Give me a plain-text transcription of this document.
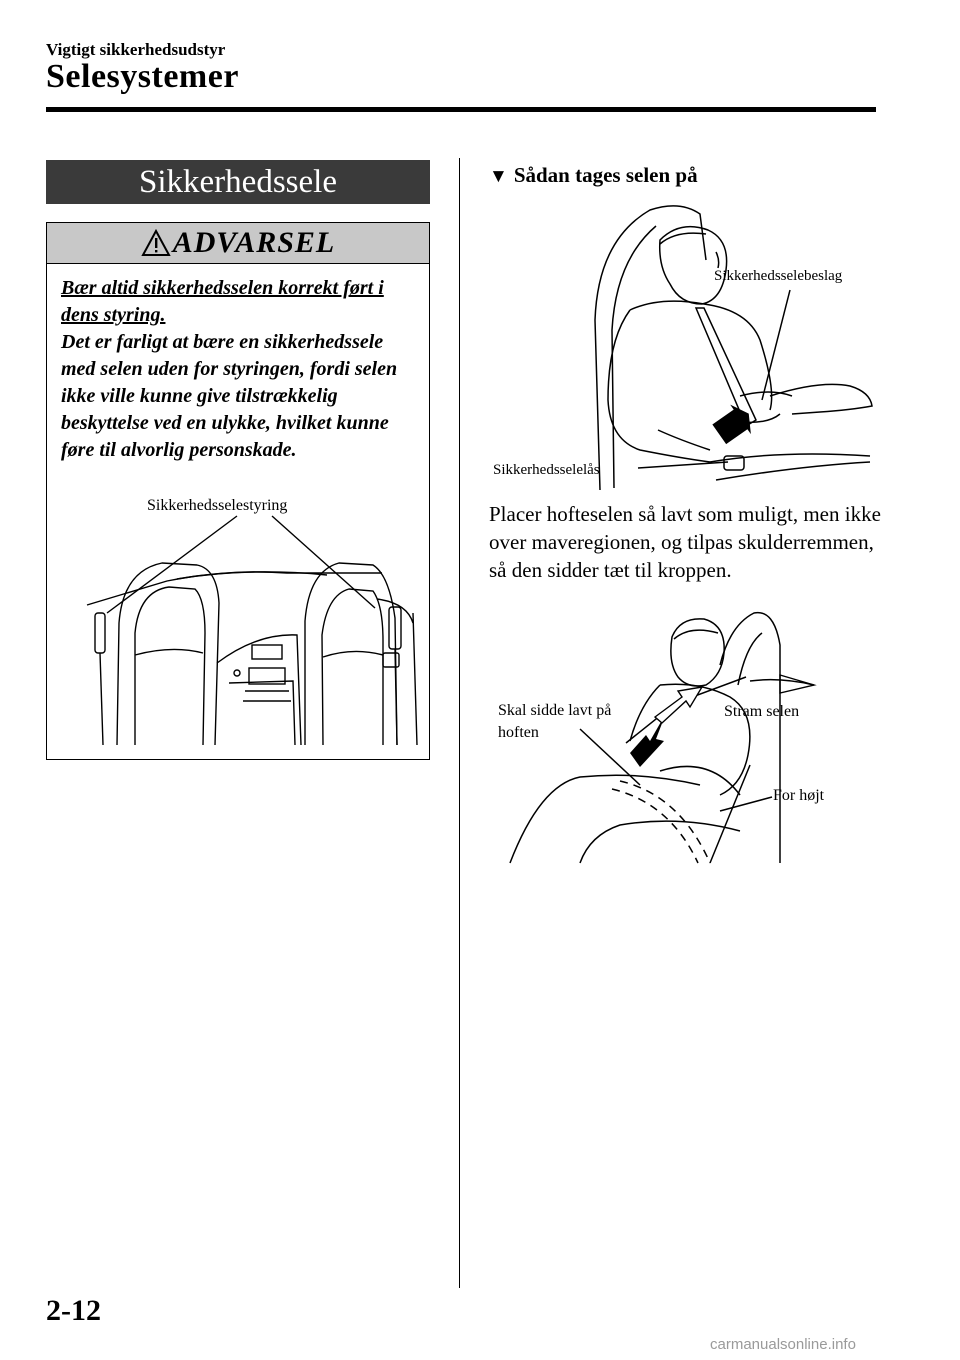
Vigtigt sikkerhedsudstyr
Selesystemer
Sikkerhedssele
ADVARSEL
Bær altid sikkerhedsselen korrekt ført i dens styring.
Det er farligt at bære en sikkerhedssele med selen uden for styringen, fordi selen ikke ville kunne give tilstrækkelig beskyttelse ved en ulykke, hvilket kunne føre til alvorlig personskade.
Sikkerhedsselestyring
▼ Sådan tages selen på
Sikkerhedsselebeslag
Sikkerhedsselelås
Placer hofteselen så lavt som muligt, men ikke over maveregionen, og tilpas skulderremmen, så den sidder tæt til kroppen.
Skal sidde lavt på hoften
Stram selen
For højt
2-12
carmanualsonline.info
